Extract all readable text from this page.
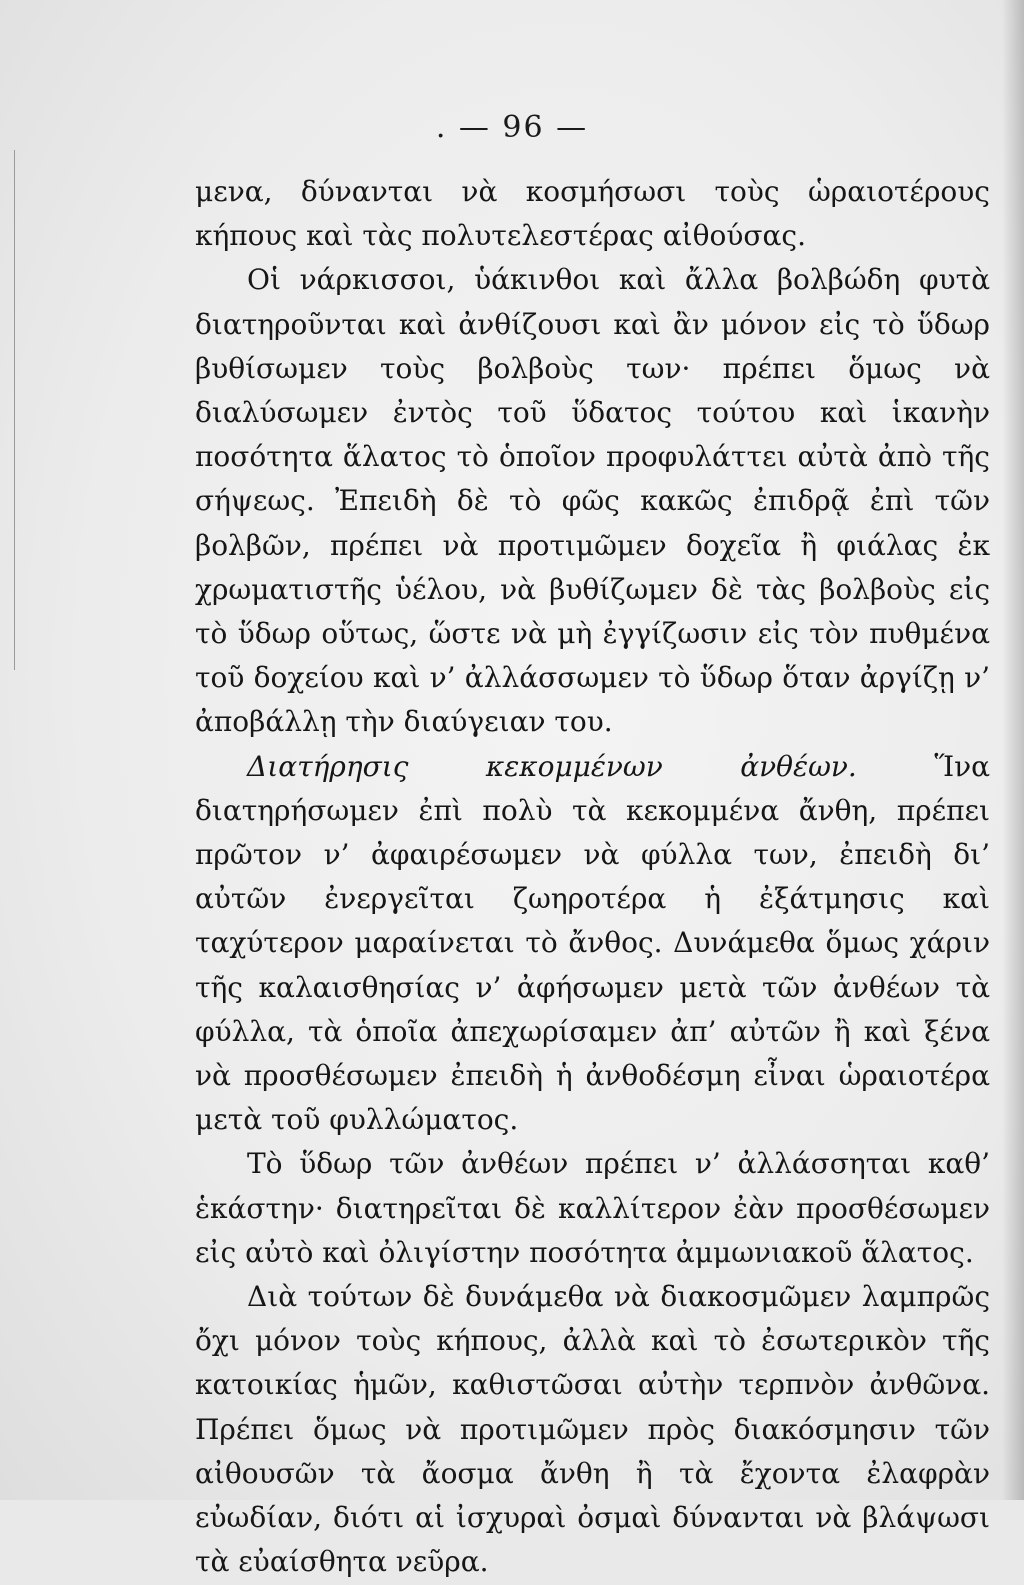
. — 96 —

μενα, δύνανται νὰ κοσμήσωσι τοὺς ὡραιοτέρους κήπους καὶ τὰς πολυτελεστέρας αἰθούσας.

Οἱ νάρκισσοι, ὑάκινθοι καὶ ἄλλα βολβώδη φυτὰ διατηροῦνται καὶ ἀνθίζουσι καὶ ἂν μόνον εἰς τὸ ὕδωρ βυθίσωμεν τοὺς βολβοὺς των· πρέπει ὅμως νὰ διαλύσωμεν ἐντὸς τοῦ ὕδατος τούτου καὶ ἱκανὴν ποσότητα ἅλατος τὸ ὁποῖον προφυλάττει αὐτὰ ἀπὸ τῆς σήψεως. Ἐπειδὴ δὲ τὸ φῶς κακῶς ἐπιδρᾷ ἐπὶ τῶν βολβῶν, πρέπει νὰ προτιμῶμεν δοχεῖα ἢ φιάλας ἐκ χρωματιστῆς ὑέλου, νὰ βυθίζωμεν δὲ τὰς βολβοὺς εἰς τὸ ὕδωρ οὕτως, ὥστε νὰ μὴ ἐγγίζωσιν εἰς τὸν πυθμένα τοῦ δοχείου καὶ ν’ ἀλλάσσωμεν τὸ ὕδωρ ὅταν ἀργίζῃ ν’ ἀποβάλλῃ τὴν διαύγειαν του.

Διατήρησις κεκομμένων ἀνθέων.	Ἵνα διατηρήσωμεν ἐπὶ πολὺ τὰ κεκομμένα ἄνθη, πρέπει πρῶτον ν’ ἀφαιρέσωμεν νὰ φύλλα των, ἐπειδὴ δι’ αὐτῶν ἐνεργεῖται ζωηροτέρα ἡ ἐξάτμησις καὶ ταχύτερον μαραίνεται τὸ ἄνθος. Δυνάμεθα ὅμως χάριν τῆς καλαισθησίας ν’ ἀφήσωμεν μετὰ τῶν ἀνθέων τὰ φύλλα, τὰ ὁποῖα ἀπεχωρίσαμεν ἀπ’ αὐτῶν ἢ καὶ ξένα νὰ προσθέσωμεν ἐπειδὴ ἡ ἀνθοδέσμη εἶναι ὡραιοτέρα μετὰ τοῦ φυλλώματος.

Τὸ ὕδωρ τῶν ἀνθέων πρέπει ν’ ἀλλάσσηται καθ’ ἑκάστην· διατηρεῖται δὲ καλλίτερον ἐὰν προσθέσωμεν εἰς αὐτὸ καὶ ὀλιγίστην ποσότητα ἀμμωνιακοῦ ἅλατος.

Διὰ τούτων δὲ δυνάμεθα νὰ διακοσμῶμεν λαμπρῶς ὄχι μόνον τοὺς κήπους, ἀλλὰ καὶ τὸ ἐσωτερικὸν τῆς κατοικίας ἡμῶν, καθιστῶσαι αὐτὴν τερπνὸν ἀνθῶνα. Πρέπει ὅμως νὰ προτιμῶμεν πρὸς διακόσμησιν τῶν αἰθουσῶν τὰ ἄοσμα ἄνθη ἢ τὰ ἔχοντα ἐλαφρὰν εὐωδίαν, διότι αἱ ἰσχυραὶ ὀσμαὶ δύνανται νὰ βλάψωσι τὰ εὐαίσθητα νεῦρα.
